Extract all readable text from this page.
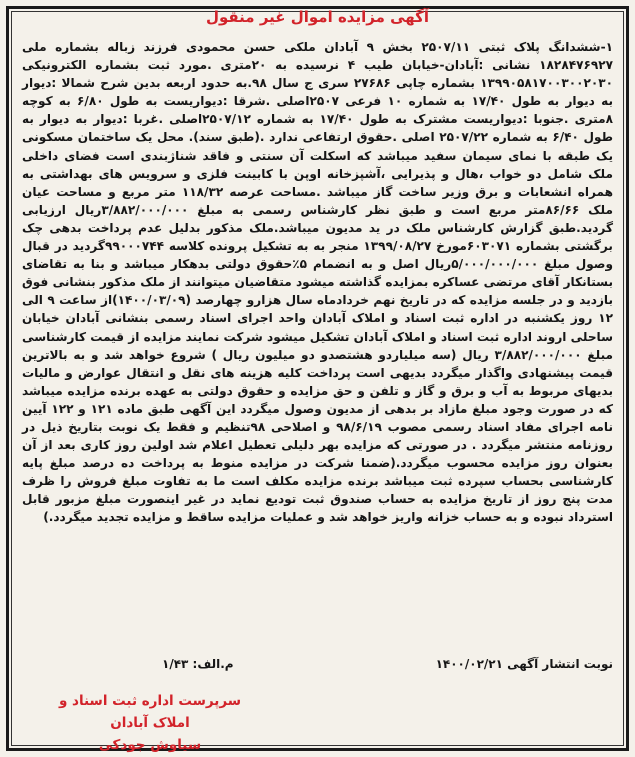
آگهی مزایده اموال غیر منقول

۱-ششدانگ پلاک ثبتی ۲۵۰۷/۱۱ بخش ۹ آبادان ملکی حسن محمودی فرزند زباله بشماره ملی ۱۸۲۸۴۷۶۹۲۷ نشانی :آبادان-خیابان طیب ۴ نرسیده به ۲۰متری .مورد ثبت بشماره الکترونیکی ۱۳۹۹۰۵۸۱۷۰۰۳۰۰۲۰۳۰ بشماره چاپی ۲۷۶۸۶ سری ج سال ۹۸.به حدود اربعه بدین شرح شمالا :دیوار به دیوار به طول ۱۷/۴۰ به شماره ۱۰ فرعی ۲۵۰۷اصلی .شرقا :دیواریست به طول ۶/۸۰ به کوچه ۸متری .جنوبا :دیواریست مشترک به طول ۱۷/۴۰ به شماره ۲۵۰۷/۱۲اصلی .غربا :دیوار به دیوار به طول ۶/۴۰ به شماره ۲۵۰۷/۲۲ اصلی .حقوق ارتفاعی ندارد .(طبق سند). محل یک ساختمان مسکونی یک طبقه با نمای سیمان سفید میباشد که اسکلت آن سنتی و فاقد شناژبندی است فضای داخلی ملک شامل دو خواب ،هال و پذیرایی ،آشپزخانه اوپن با کابینت فلزی و سرویس های بهداشتی به همراه انشعابات و برق وزیر ساخت گاز میباشد .مساحت عرصه ۱۱۸/۳۲ متر مربع و مساحت عیان ملک ۸۶/۶۶متر مربع است و طبق نظر کارشناس رسمی به مبلغ ۳/۸۸۲/۰۰۰/۰۰۰ریال ارزیابی گردید.طبق گزارش کارشناس ملک در ید مدیون میباشد.ملک مذکور بدلیل عدم پرداخت بدهی چک برگشتی بشماره ۶۰۳۰۷۱مورخ ۱۳۹۹/۰۸/۲۷ منجر به به تشکیل پرونده کلاسه ۹۹۰۰۰۷۴۴گردید در قبال وصول مبلغ ۵/۰۰۰/۰۰۰/۰۰۰ریال اصل و به انضمام ۵٪حقوق دولتی بدهکار میباشد و بنا به تقاضای بستانکار آقای مرتضی عساکره بمزایده گذاشته میشود متقاضیان میتوانند از ملک مذکور بنشانی فوق بازدید و در جلسه مزایده که در تاریخ نهم خردادماه سال هزارو چهارصد (۱۴۰۰/۰۳/۰۹)از ساعت ۹ الی ۱۲ روز یکشنبه در اداره ثبت اسناد و املاک آبادان واحد اجرای اسناد رسمی بنشانی آبادان خیابان ساحلی اروند اداره ثبت اسناد و املاک آبادان تشکیل میشود شرکت نمایند مزایده از قیمت کارشناسی مبلغ ۳/۸۸۲/۰۰۰/۰۰۰ ریال (سه میلیاردو هشتصدو دو میلیون ریال ) شروع خواهد شد و به بالاترین قیمت پیشنهادی واگذار میگردد بدیهی است پرداخت کلیه هزینه های نقل و انتقال عوارض و مالیات بدیهای مربوط به آب و برق و گاز و تلفن و حق مزایده و حقوق دولتی به عهده برنده مزایده میباشد که در صورت وجود مبلغ مازاد بر بدهی از مدیون وصول میگردد این آگهی طبق ماده ۱۲۱ و ۱۲۲ آیین نامه اجرای مفاد اسناد رسمی مصوب ۹۸/۶/۱۹ و اصلاحی ۹۸تنظیم و فقط یک نوبت بتاریخ ذیل در روزنامه منتشر میگردد . در صورتی که مزایده بهر دلیلی تعطیل اعلام شد اولین روز کاری بعد از آن بعنوان روز مزایده محسوب میگردد.(ضمنا شرکت در مزایده منوط به پرداخت ده درصد مبلغ پایه کارشناسی بحساب سپرده ثبت میباشد برنده مزایده مکلف است ما به تفاوت مبلغ فروش را ظرف مدت پنج روز از تاریخ مزایده به حساب صندوق ثبت تودیع نماید در غیر اینصورت مبلغ مزبور قابل استرداد نبوده و به حساب خزانه واریز خواهد شد و عملیات مزایده ساقط و مزایده تجدید میگردد.)

نوبت انتشار آگهی ۱۴۰۰/۰۲/۲۱
م.الف: ۱/۴۳
سرپرست اداره ثبت اسناد و املاک آبادان
سیاوش جودکی
